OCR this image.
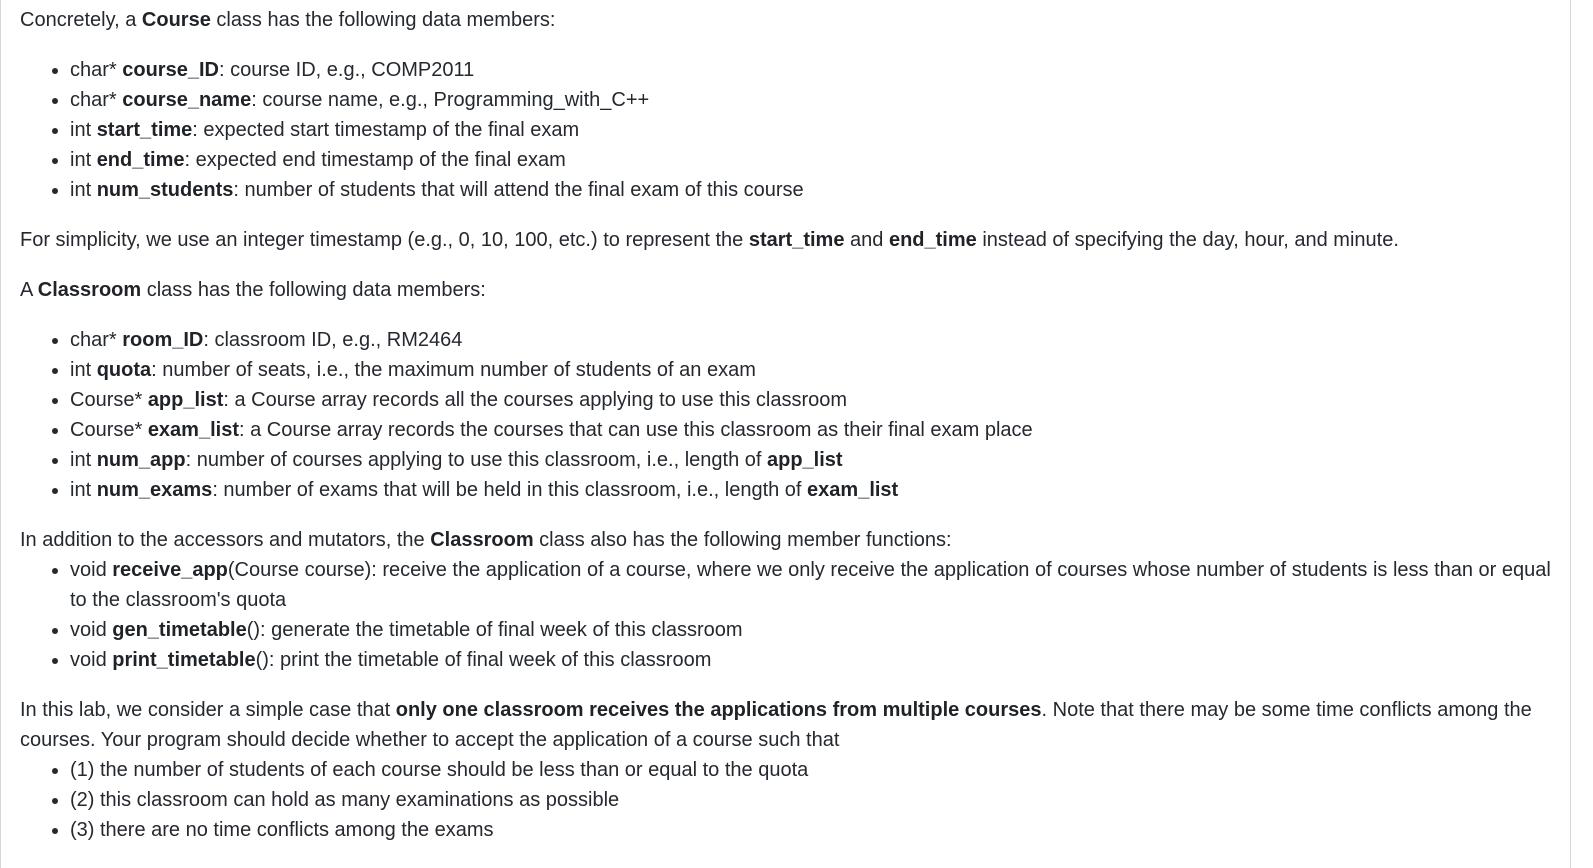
Concretely, a Course class has the following data members:

• char* course_ID: course ID, e.g., COMP2011
• char* course_name: course name, e.g., Programming_with_C++
• int start_time: expected start timestamp of the final exam
• int end_time: expected end timestamp of the final exam
• int num_students: number of students that will attend the final exam of this course

For simplicity, we use an integer timestamp (e.g., 0, 10, 100, etc.) to represent the start_time and end_time instead of specifying the day, hour, and minute.

A Classroom class has the following data members:

• char* room_ID: classroom ID, e.g., RM2464
• int quota: number of seats, i.e., the maximum number of students of an exam
• Course* app_list: a Course array records all the courses applying to use this classroom
• Course* exam_list: a Course array records the courses that can use this classroom as their final exam place
• int num_app: number of courses applying to use this classroom, i.e., length of app_list
• int num_exams: number of exams that will be held in this classroom, i.e., length of exam_list

In addition to the accessors and mutators, the Classroom class also has the following member functions:

• void receive_app(Course course): receive the application of a course, where we only receive the application of courses whose number of students is less than or equal to the classroom's quota
• void gen_timetable(): generate the timetable of final week of this classroom
• void print_timetable(): print the timetable of final week of this classroom

In this lab, we consider a simple case that only one classroom receives the applications from multiple courses. Note that there may be some time conflicts among the courses. Your program should decide whether to accept the application of a course such that

• (1) the number of students of each course should be less than or equal to the quota
• (2) this classroom can hold as many examinations as possible
• (3) there are no time conflicts among the exams
